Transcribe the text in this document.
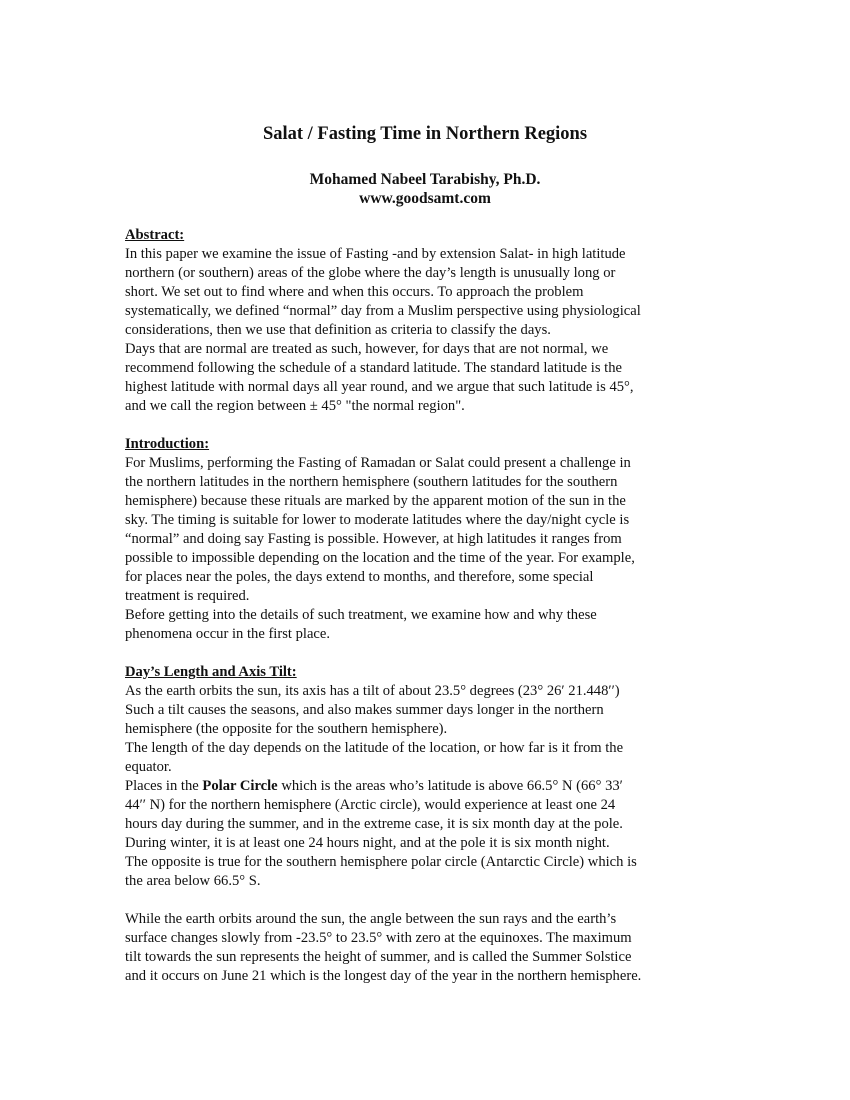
Salat / Fasting Time in Northern Regions
Mohamed Nabeel Tarabishy, Ph.D.
www.goodsamt.com
Abstract:
In this paper we examine the issue of Fasting -and by extension Salat- in high latitude
northern (or southern) areas of the globe where the day’s length is unusually long or
short. We set out to find where and when this occurs. To approach the problem
systematically, we defined “normal” day from a Muslim perspective using physiological
considerations, then we use that definition as criteria to classify the days.
Days that are normal are treated as such, however, for days that are not normal, we
recommend following the schedule of a standard latitude. The standard latitude is the
highest latitude with normal days all year round, and we argue that such latitude is 45°,
and we call the region between ± 45° "the normal region".
Introduction:
For Muslims, performing the Fasting of Ramadan or Salat could present a challenge in
the northern latitudes in the northern hemisphere (southern latitudes for the southern
hemisphere) because these rituals are marked by the apparent motion of the sun in the
sky. The timing is suitable for lower to moderate latitudes where the day/night cycle is
“normal” and doing say Fasting is possible. However, at high latitudes it ranges from
possible to impossible depending on the location and the time of the year. For example,
for places near the poles, the days extend to months, and therefore, some special
treatment is required.
Before getting into the details of such treatment, we examine how and why these
phenomena occur in the first place.
Day’s Length and Axis Tilt:
As the earth orbits the sun, its axis has a tilt of about 23.5° degrees (23° 26′ 21.448′′)
Such a tilt causes the seasons, and also makes summer days longer in the northern
hemisphere (the opposite for the southern hemisphere).
The length of the day depends on the latitude of the location, or how far is it from the
equator.
Places in the Polar Circle which is the areas who’s latitude is above 66.5° N (66° 33′
44′′ N) for the northern hemisphere (Arctic circle), would experience at least one 24
hours day during the summer, and in the extreme case, it is six month day at the pole.
During winter, it is at least one 24 hours night, and at the pole it is six month night.
The opposite is true for the southern hemisphere polar circle (Antarctic Circle) which is
the area below 66.5° S.
While the earth orbits around the sun, the angle between the sun rays and the earth’s
surface changes slowly from -23.5° to 23.5° with zero at the equinoxes. The maximum
tilt towards the sun represents the height of summer, and is called the Summer Solstice
and it occurs on June 21 which is the longest day of the year in the northern hemisphere.
